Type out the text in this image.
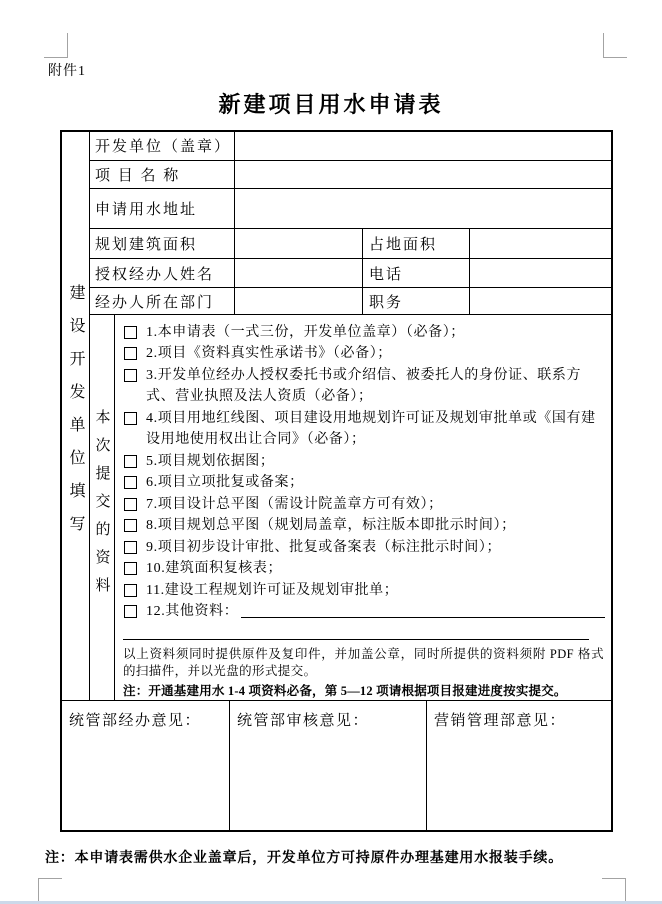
附件1
新建项目用水申请表
建设开发单位填写
开发单位（盖章）
项 目 名 称
申请用水地址
规划建筑面积	占地面积
授权经办人姓名	电话
经办人所在部门	职务
本次提交的资料
1.本申请表（一式三份，开发单位盖章）（必备）；
2.项目《资料真实性承诺书》（必备）；
3.开发单位经办人授权委托书或介绍信、被委托人的身份证、联系方式、营业执照及法人资质（必备）；
4.项目用地红线图、项目建设用地规划许可证及规划审批单或《国有建设用地使用权出让合同》（必备）；
5.项目规划依据图；
6.项目立项批复或备案；
7.项目设计总平图（需设计院盖章方可有效）；
8.项目规划总平图（规划局盖章，标注版本即批示时间）；
9.项目初步设计审批、批复或备案表（标注批示时间）；
10.建筑面积复核表；
11.建设工程规划许可证及规划审批单；
12.其他资料：
以上资料须同时提供原件及复印件，并加盖公章，同时所提供的资料须附 PDF 格式的扫描件，并以光盘的形式提交。
注：开通基建用水 1-4 项资料必备，第 5—12 项请根据项目报建进度按实提交。
统管部经办意见：	统管部审核意见：	营销管理部意见：
注：本申请表需供水企业盖章后，开发单位方可持原件办理基建用水报装手续。
